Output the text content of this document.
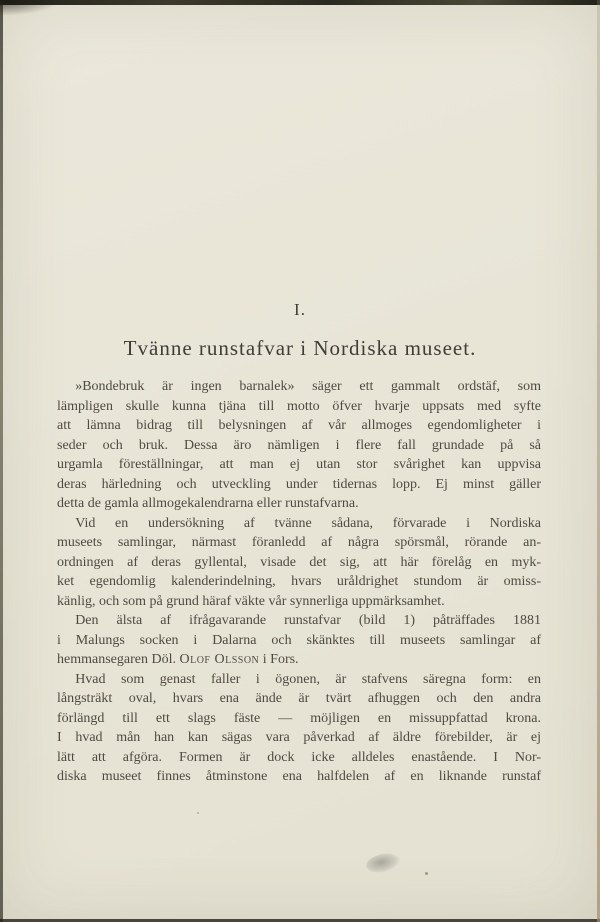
I.
Tvänne runstafvar i Nordiska museet.
»Bondebruk är ingen barnalek» säger ett gammalt ordstäf, som
lämpligen skulle kunna tjäna till motto öfver hvarje uppsats med syfte
att lämna bidrag till belysningen af vår allmoges egendomligheter i
seder och bruk. Dessa äro nämligen i flere fall grundade på så
urgamla föreställningar, att man ej utan stor svårighet kan uppvisa
deras härledning och utveckling under tidernas lopp. Ej minst gäller
detta de gamla allmogekalendrarna eller runstafvarna.
Vid en undersökning af tvänne sådana, förvarade i Nordiska
museets samlingar, närmast föranledd af några spörsmål, rörande an-
ordningen af deras gyllental, visade det sig, att här förelåg en myk-
ket egendomlig kalenderindelning, hvars uråldrighet stundom är omiss-
känlig, och som på grund häraf väkte vår synnerliga uppmärksamhet.
Den älsta af ifrågavarande runstafvar (bild 1) påträffades 1881
i Malungs socken i Dalarna och skänktes till museets samlingar af
hemmansegaren Döl. Olof Olsson i Fors.
Hvad som genast faller i ögonen, är stafvens säregna form: en
långsträkt oval, hvars ena ände är tvärt afhuggen och den andra
förlängd till ett slags fäste — möjligen en missuppfattad krona.
I hvad mån han kan sägas vara påverkad af äldre förebilder, är ej
lätt att afgöra. Formen är dock icke alldeles enastående. I Nor-
diska museet finnes åtminstone ena halfdelen af en liknande runstaf
